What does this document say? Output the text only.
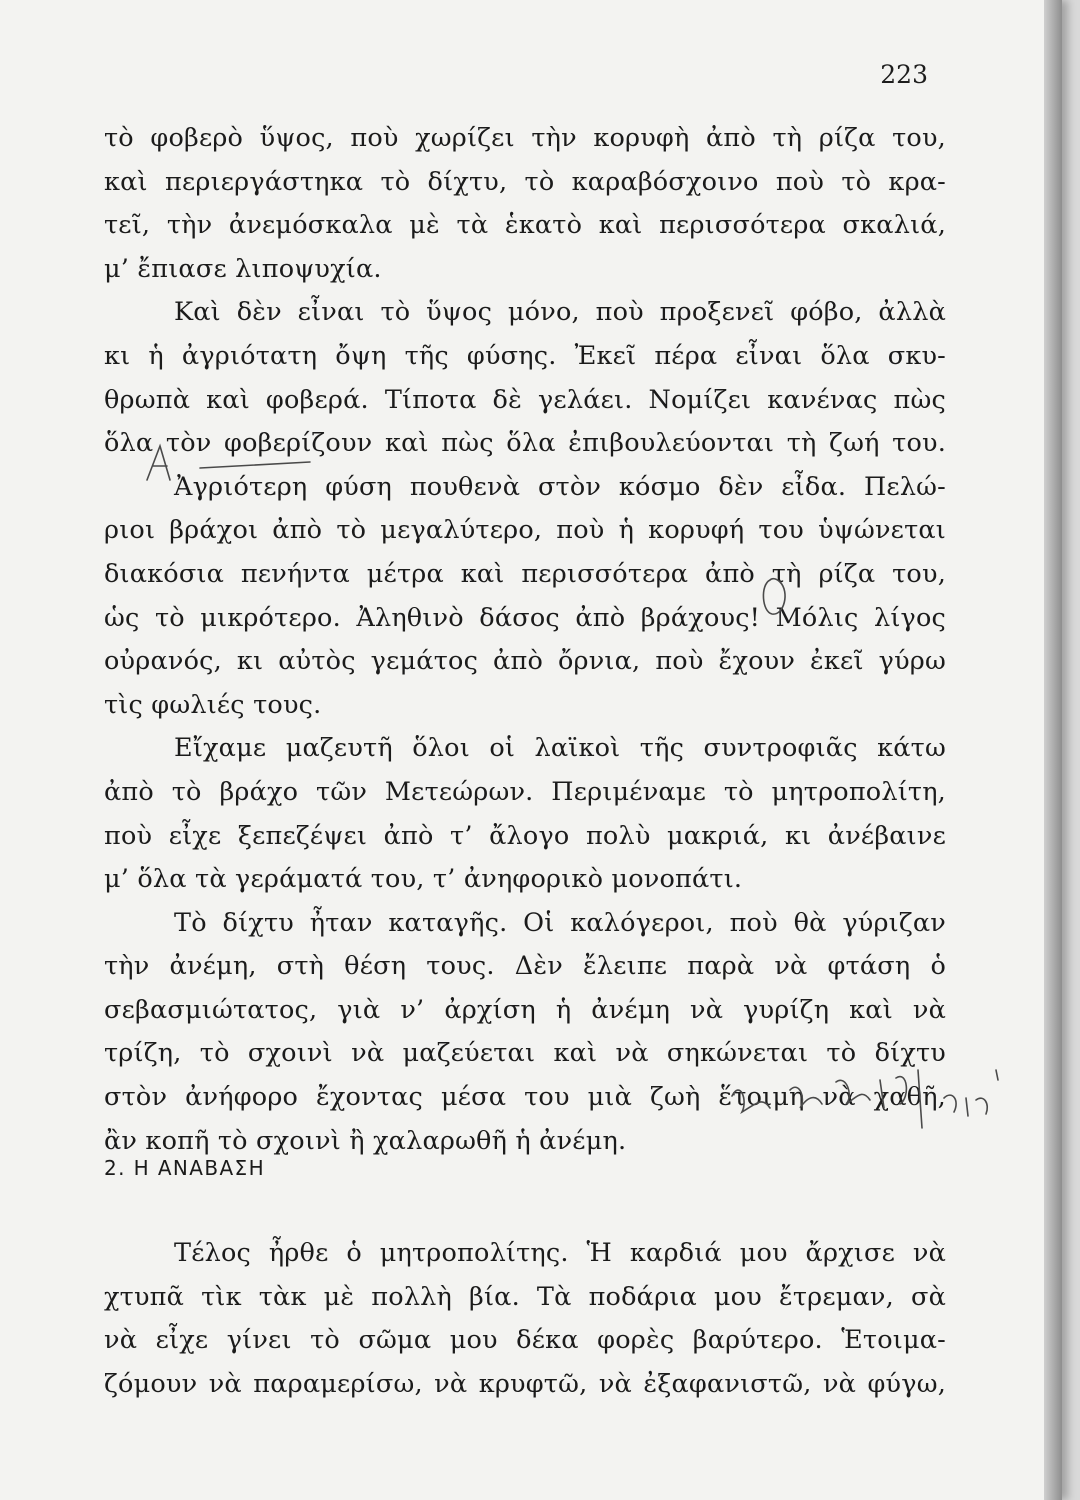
223
τὸ φοβερὸ ὕψος, ποὺ χωρίζει τὴν κορυφὴ ἀπὸ τὴ ρίζα του,
καὶ περιεργάστηκα τὸ δίχτυ, τὸ καραβόσχοινο ποὺ τὸ κρα-
τεῖ, τὴν ἀνεμόσκαλα μὲ τὰ ἑκατὸ καὶ περισσότερα σκαλιά,
μ’ ἔπιασε λιποψυχία.
Καὶ δὲν εἶναι τὸ ὕψος μόνο, ποὺ προξενεῖ φόβο, ἀλλὰ
κι ἡ ἀγριότατη ὄψη τῆς φύσης. Ἐκεῖ πέρα εἶναι ὅλα σκυ-
θρωπὰ καὶ φοβερά. Τίποτα δὲ γελάει. Νομίζει κανένας πὼς
ὅλα τὸν φοβερίζουν καὶ πὼς ὅλα ἐπιβουλεύονται τὴ ζωή του.
Ἀγριότερη φύση πουθενὰ στὸν κόσμο δὲν εἶδα. Πελώ-
ριοι βράχοι ἀπὸ τὸ μεγαλύτερο, ποὺ ἡ κορυφή του ὑψώνεται
διακόσια πενήντα μέτρα καὶ περισσότερα ἀπὸ τὴ ρίζα του,
ὡς τὸ μικρότερο. Ἀληθινὸ δάσος ἀπὸ βράχους! Μόλις λίγος
οὐρανός, κι αὐτὸς γεμάτος ἀπὸ ὄρνια, ποὺ ἔχουν ἐκεῖ γύρω
τὶς φωλιές τους.
Εἴχαμε μαζευτῆ ὅλοι οἱ λαϊκοὶ τῆς συντροφιᾶς κάτω
ἀπὸ τὸ βράχο τῶν Μετεώρων. Περιμέναμε τὸ μητροπολίτη,
ποὺ εἶχε ξεπεζέψει ἀπὸ τ’ ἄλογο πολὺ μακριά, κι ἀνέβαινε
μ’ ὅλα τὰ γεράματά του, τ’ ἀνηφορικὸ μονοπάτι.
Τὸ δίχτυ ἦταν καταγῆς. Οἱ καλόγεροι, ποὺ θὰ γύριζαν
τὴν ἀνέμη, στὴ θέση τους. Δὲν ἔλειπε παρὰ νὰ φτάση ὁ
σεβασμιώτατος, γιὰ ν’ ἀρχίση ἡ ἀνέμη νὰ γυρίζη καὶ νὰ
τρίζη, τὸ σχοινὶ νὰ μαζεύεται καὶ νὰ σηκώνεται τὸ δίχτυ
στὸν ἀνήφορο ἔχοντας μέσα του μιὰ ζωὴ ἕτοιμη νὰ χαθῆ,
ἂν κοπῆ τὸ σχοινὶ ἢ χαλαρωθῆ ἡ ἀνέμη.
2. Η ΑΝΑΒΑΣΗ
Τέλος ἦρθε ὁ μητροπολίτης. Ἡ καρδιά μου ἄρχισε νὰ
χτυπᾶ τὶκ τὰκ μὲ πολλὴ βία. Τὰ ποδάρια μου ἔτρεμαν, σὰ
νὰ εἶχε γίνει τὸ σῶμα μου δέκα φορὲς βαρύτερο. Ἑτοιμα-
ζόμουν νὰ παραμερίσω, νὰ κρυφτῶ, νὰ ἐξαφανιστῶ, νὰ φύγω,
